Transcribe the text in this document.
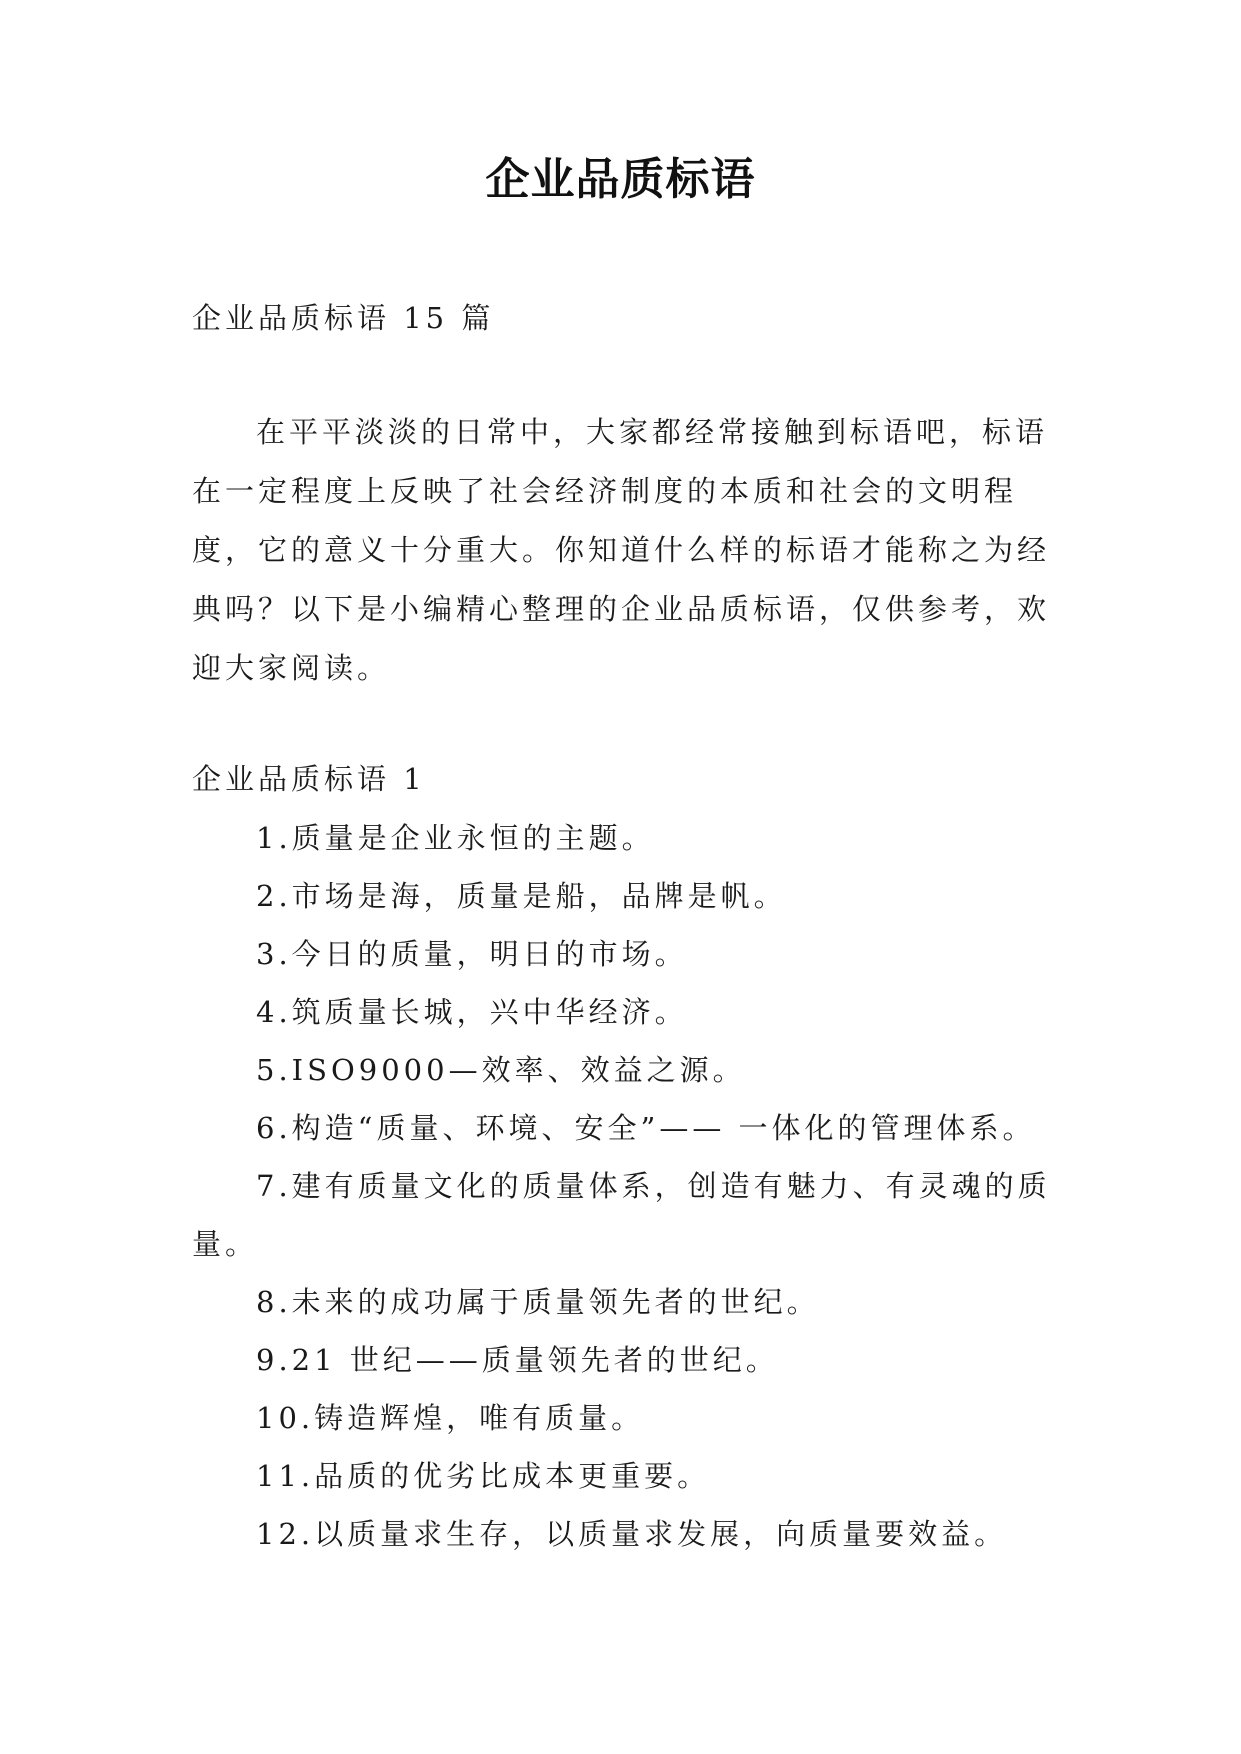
企业品质标语
企业品质标语 15 篇
在平平淡淡的日常中，大家都经常接触到标语吧，标语
在一定程度上反映了社会经济制度的本质和社会的文明程
度，它的意义十分重大。你知道什么样的标语才能称之为经
典吗？以下是小编精心整理的企业品质标语，仅供参考，欢
迎大家阅读。
企业品质标语 1
1.质量是企业永恒的主题。
2.市场是海，质量是船，品牌是帆。
3.今日的质量，明日的市场。
4.筑质量长城，兴中华经济。
5.ISO9000—效率、效益之源。
6.构造“质量、环境、安全”—— 一体化的管理体系。
7.建有质量文化的质量体系，创造有魅力、有灵魂的质
量。
8.未来的成功属于质量领先者的世纪。
9.21 世纪——质量领先者的世纪。
10.铸造辉煌，唯有质量。
11.品质的优劣比成本更重要。
12.以质量求生存，以质量求发展，向质量要效益。
